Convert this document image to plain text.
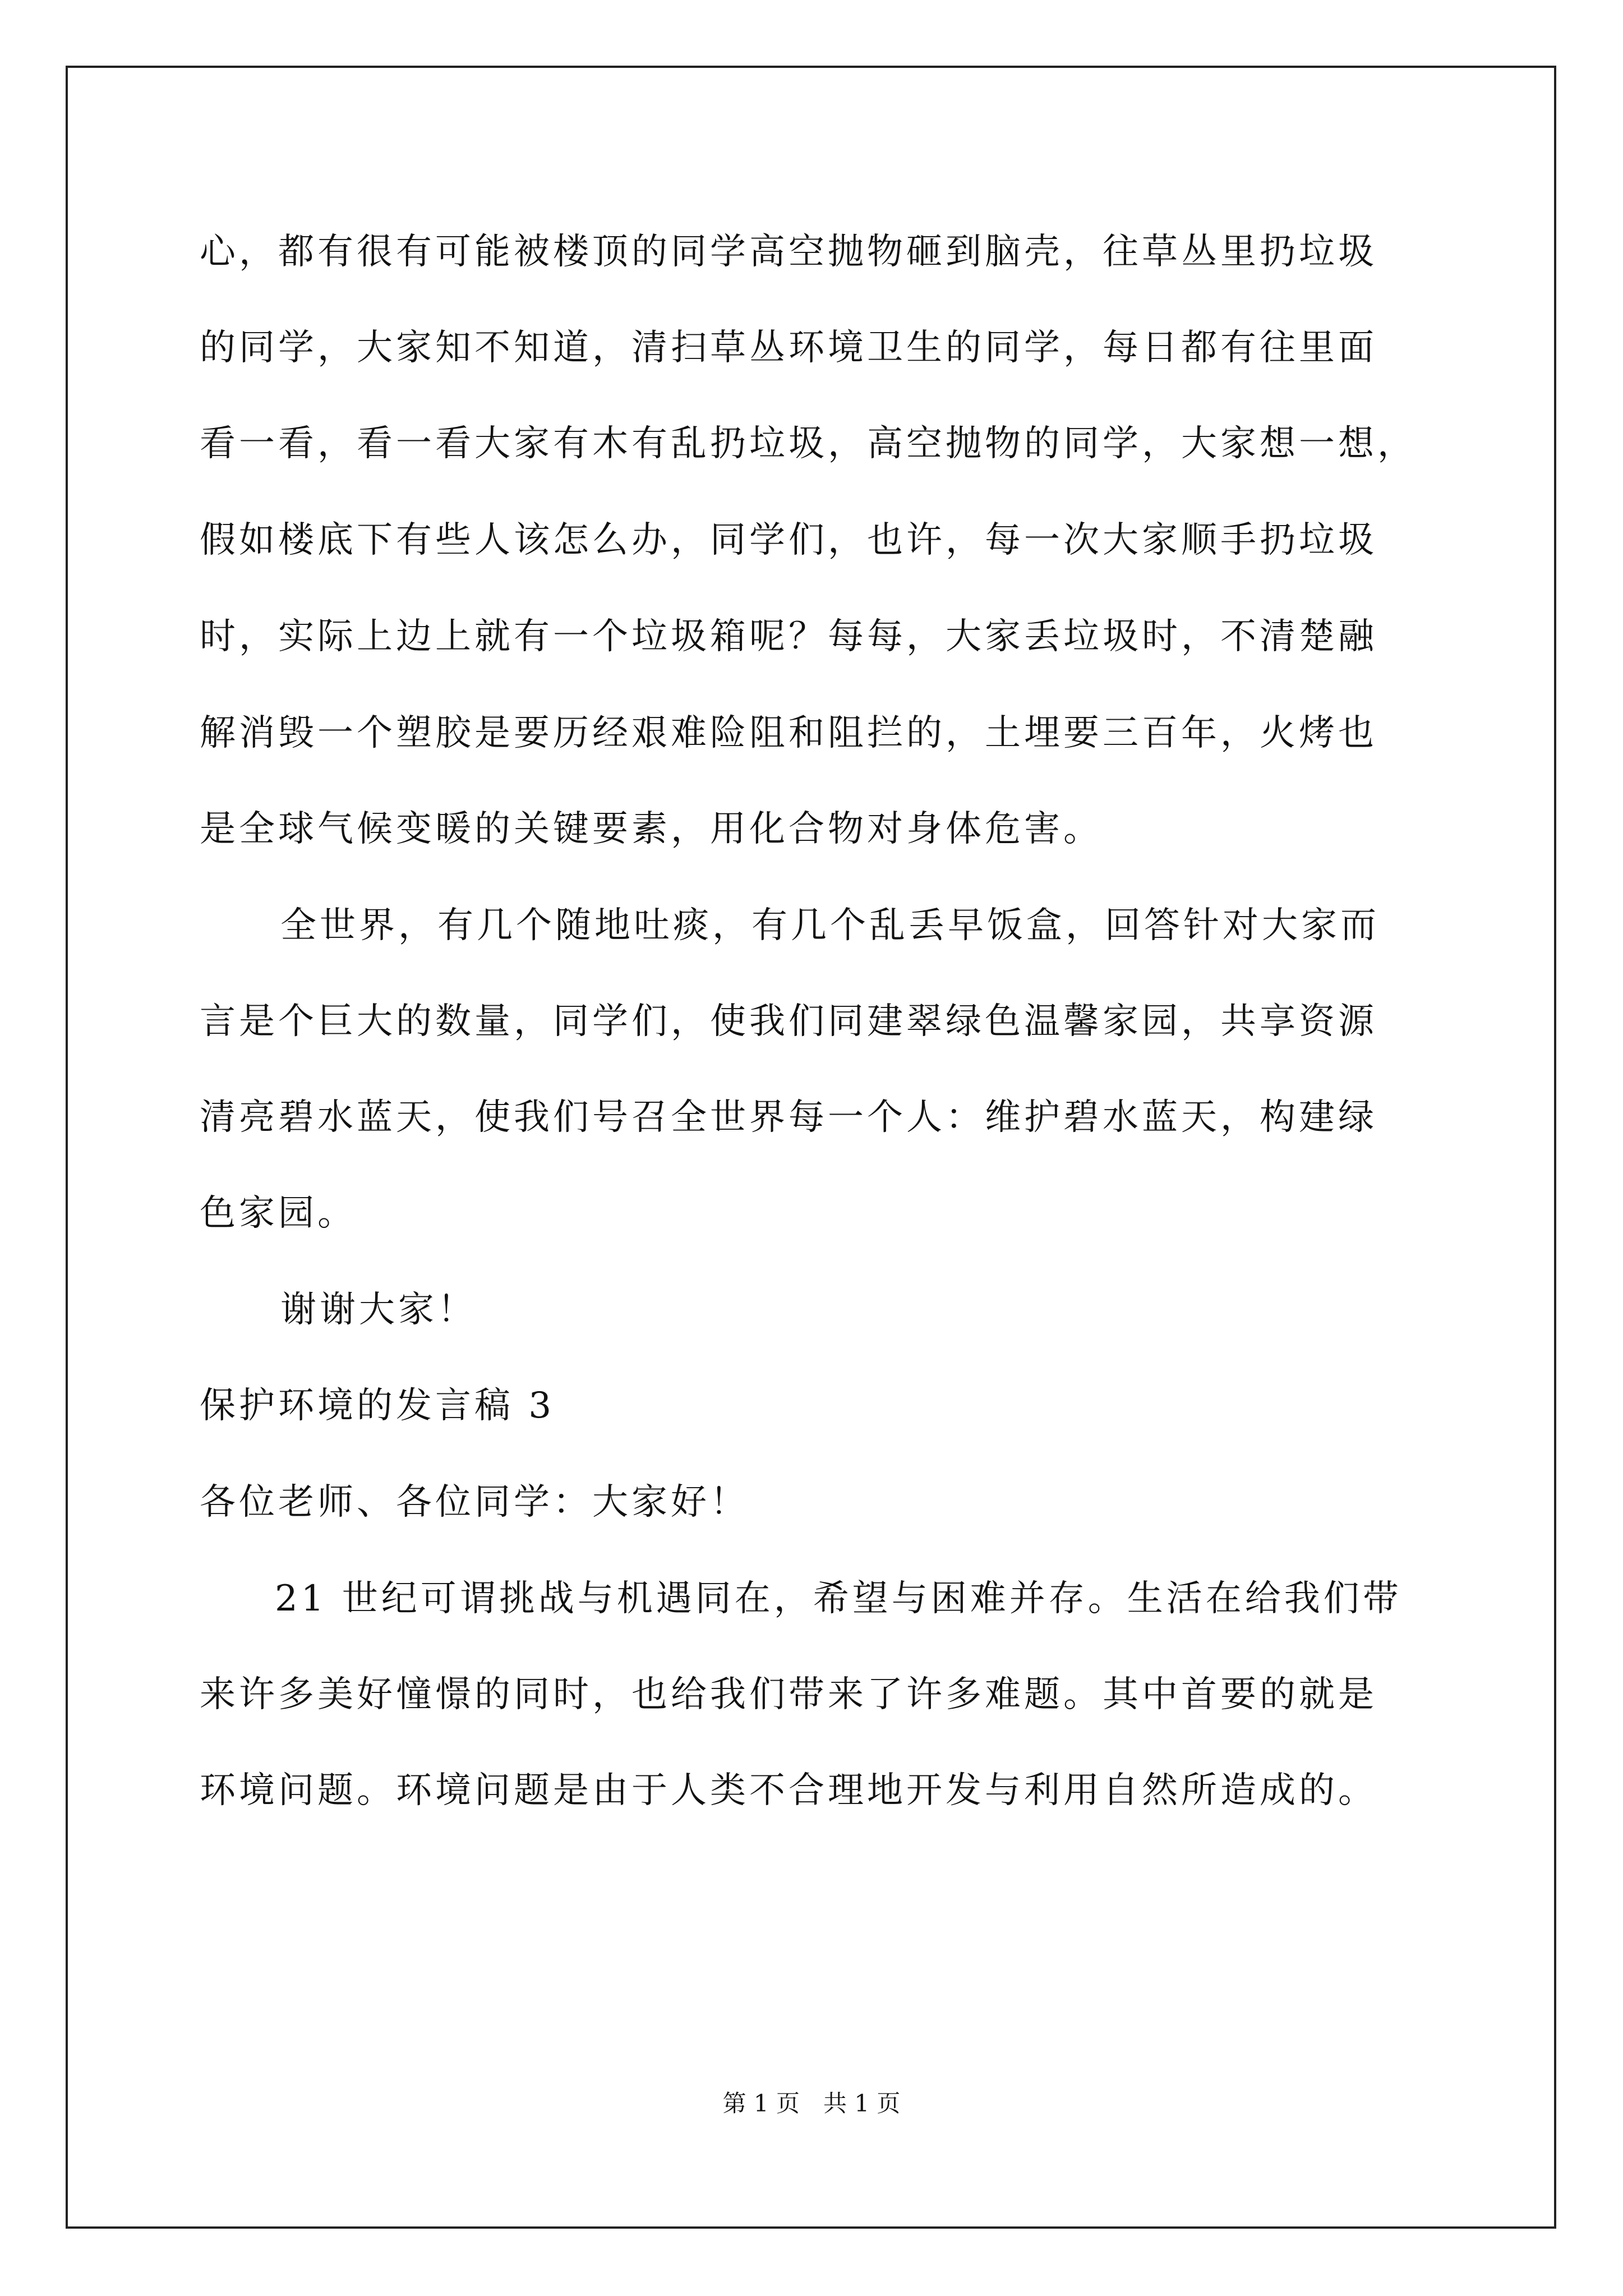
心，都有很有可能被楼顶的同学高空抛物砸到脑壳，往草丛里扔垃圾
的同学，大家知不知道，清扫草丛环境卫生的同学，每日都有往里面
看一看，看一看大家有木有乱扔垃圾，高空抛物的同学，大家想一想，
假如楼底下有些人该怎么办，同学们，也许，每一次大家顺手扔垃圾
时，实际上边上就有一个垃圾箱呢？每每，大家丢垃圾时，不清楚融
解消毁一个塑胶是要历经艰难险阻和阻拦的，土埋要三百年，火烤也
是全球气候变暖的关键要素，用化合物对身体危害。
全世界，有几个随地吐痰，有几个乱丢早饭盒，回答针对大家而
言是个巨大的数量，同学们，使我们同建翠绿色温馨家园，共享资源
清亮碧水蓝天，使我们号召全世界每一个人：维护碧水蓝天，构建绿
色家园。
谢谢大家！
保护环境的发言稿 3
各位老师、各位同学：大家好！
21 世纪可谓挑战与机遇同在，希望与困难并存。生活在给我们带
来许多美好憧憬的同时，也给我们带来了许多难题。其中首要的就是
环境问题。环境问题是由于人类不合理地开发与利用自然所造成的。
第 1 页　共 1 页
